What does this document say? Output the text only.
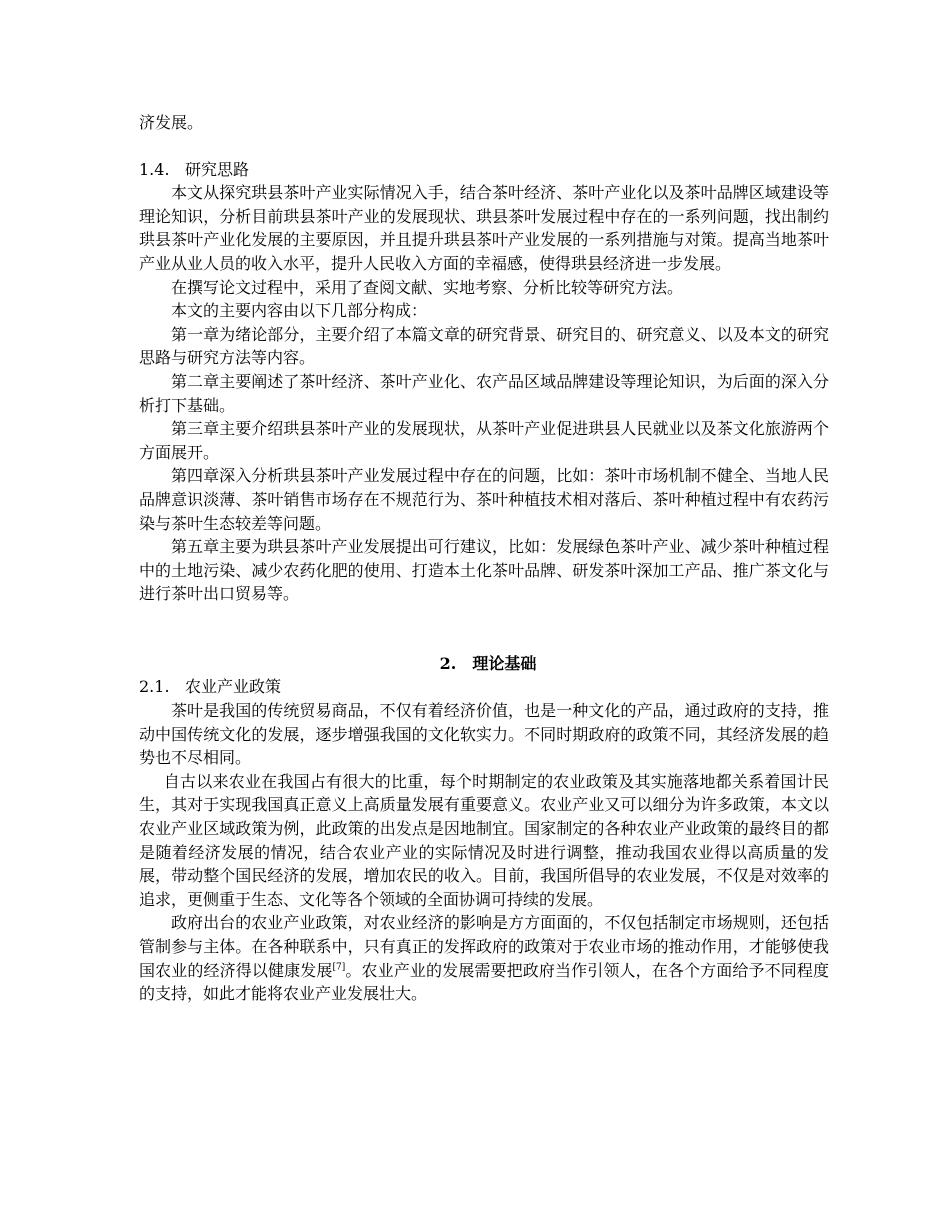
济发展。

1.4. 研究思路

本文从探究珙县茶叶产业实际情况入手，结合茶叶经济、茶叶产业化以及茶叶品牌区域建设等理论知识，分析目前珙县茶叶产业的发展现状、珙县茶叶发展过程中存在的一系列问题，找出制约珙县茶叶产业化发展的主要原因，并且提升珙县茶叶产业发展的一系列措施与对策。提高当地茶叶产业从业人员的收入水平，提升人民收入方面的幸福感，使得珙县经济进一步发展。

在撰写论文过程中，采用了查阅文献、实地考察、分析比较等研究方法。

本文的主要内容由以下几部分构成：

第一章为绪论部分，主要介绍了本篇文章的研究背景、研究目的、研究意义、以及本文的研究思路与研究方法等内容。

第二章主要阐述了茶叶经济、茶叶产业化、农产品区域品牌建设等理论知识，为后面的深入分析打下基础。

第三章主要介绍珙县茶叶产业的发展现状，从茶叶产业促进珙县人民就业以及茶文化旅游两个方面展开。

第四章深入分析珙县茶叶产业发展过程中存在的问题，比如：茶叶市场机制不健全、当地人民品牌意识淡薄、茶叶销售市场存在不规范行为、茶叶种植技术相对落后、茶叶种植过程中有农药污染与茶叶生态较差等问题。

第五章主要为珙县茶叶产业发展提出可行建议，比如：发展绿色茶叶产业、减少茶叶种植过程中的土地污染、减少农药化肥的使用、打造本土化茶叶品牌、研发茶叶深加工产品、推广茶文化与进行茶叶出口贸易等。

2. 理论基础

2.1. 农业产业政策

茶叶是我国的传统贸易商品，不仅有着经济价值，也是一种文化的产品，通过政府的支持，推动中国传统文化的发展，逐步增强我国的文化软实力。不同时期政府的政策不同，其经济发展的趋势也不尽相同。

自古以来农业在我国占有很大的比重，每个时期制定的农业政策及其实施落地都关系着国计民生，其对于实现我国真正意义上高质量发展有重要意义。农业产业又可以细分为许多政策，本文以农业产业区域政策为例，此政策的出发点是因地制宜。国家制定的各种农业产业政策的最终目的都是随着经济发展的情况，结合农业产业的实际情况及时进行调整，推动我国农业得以高质量的发展，带动整个国民经济的发展，增加农民的收入。目前，我国所倡导的农业发展，不仅是对效率的追求，更侧重于生态、文化等各个领域的全面协调可持续的发展。

政府出台的农业产业政策，对农业经济的影响是方方面面的，不仅包括制定市场规则，还包括管制参与主体。在各种联系中，只有真正的发挥政府的政策对于农业市场的推动作用，才能够使我国农业的经济得以健康发展[7]。农业产业的发展需要把政府当作引领人，在各个方面给予不同程度的支持，如此才能将农业产业发展壮大。
